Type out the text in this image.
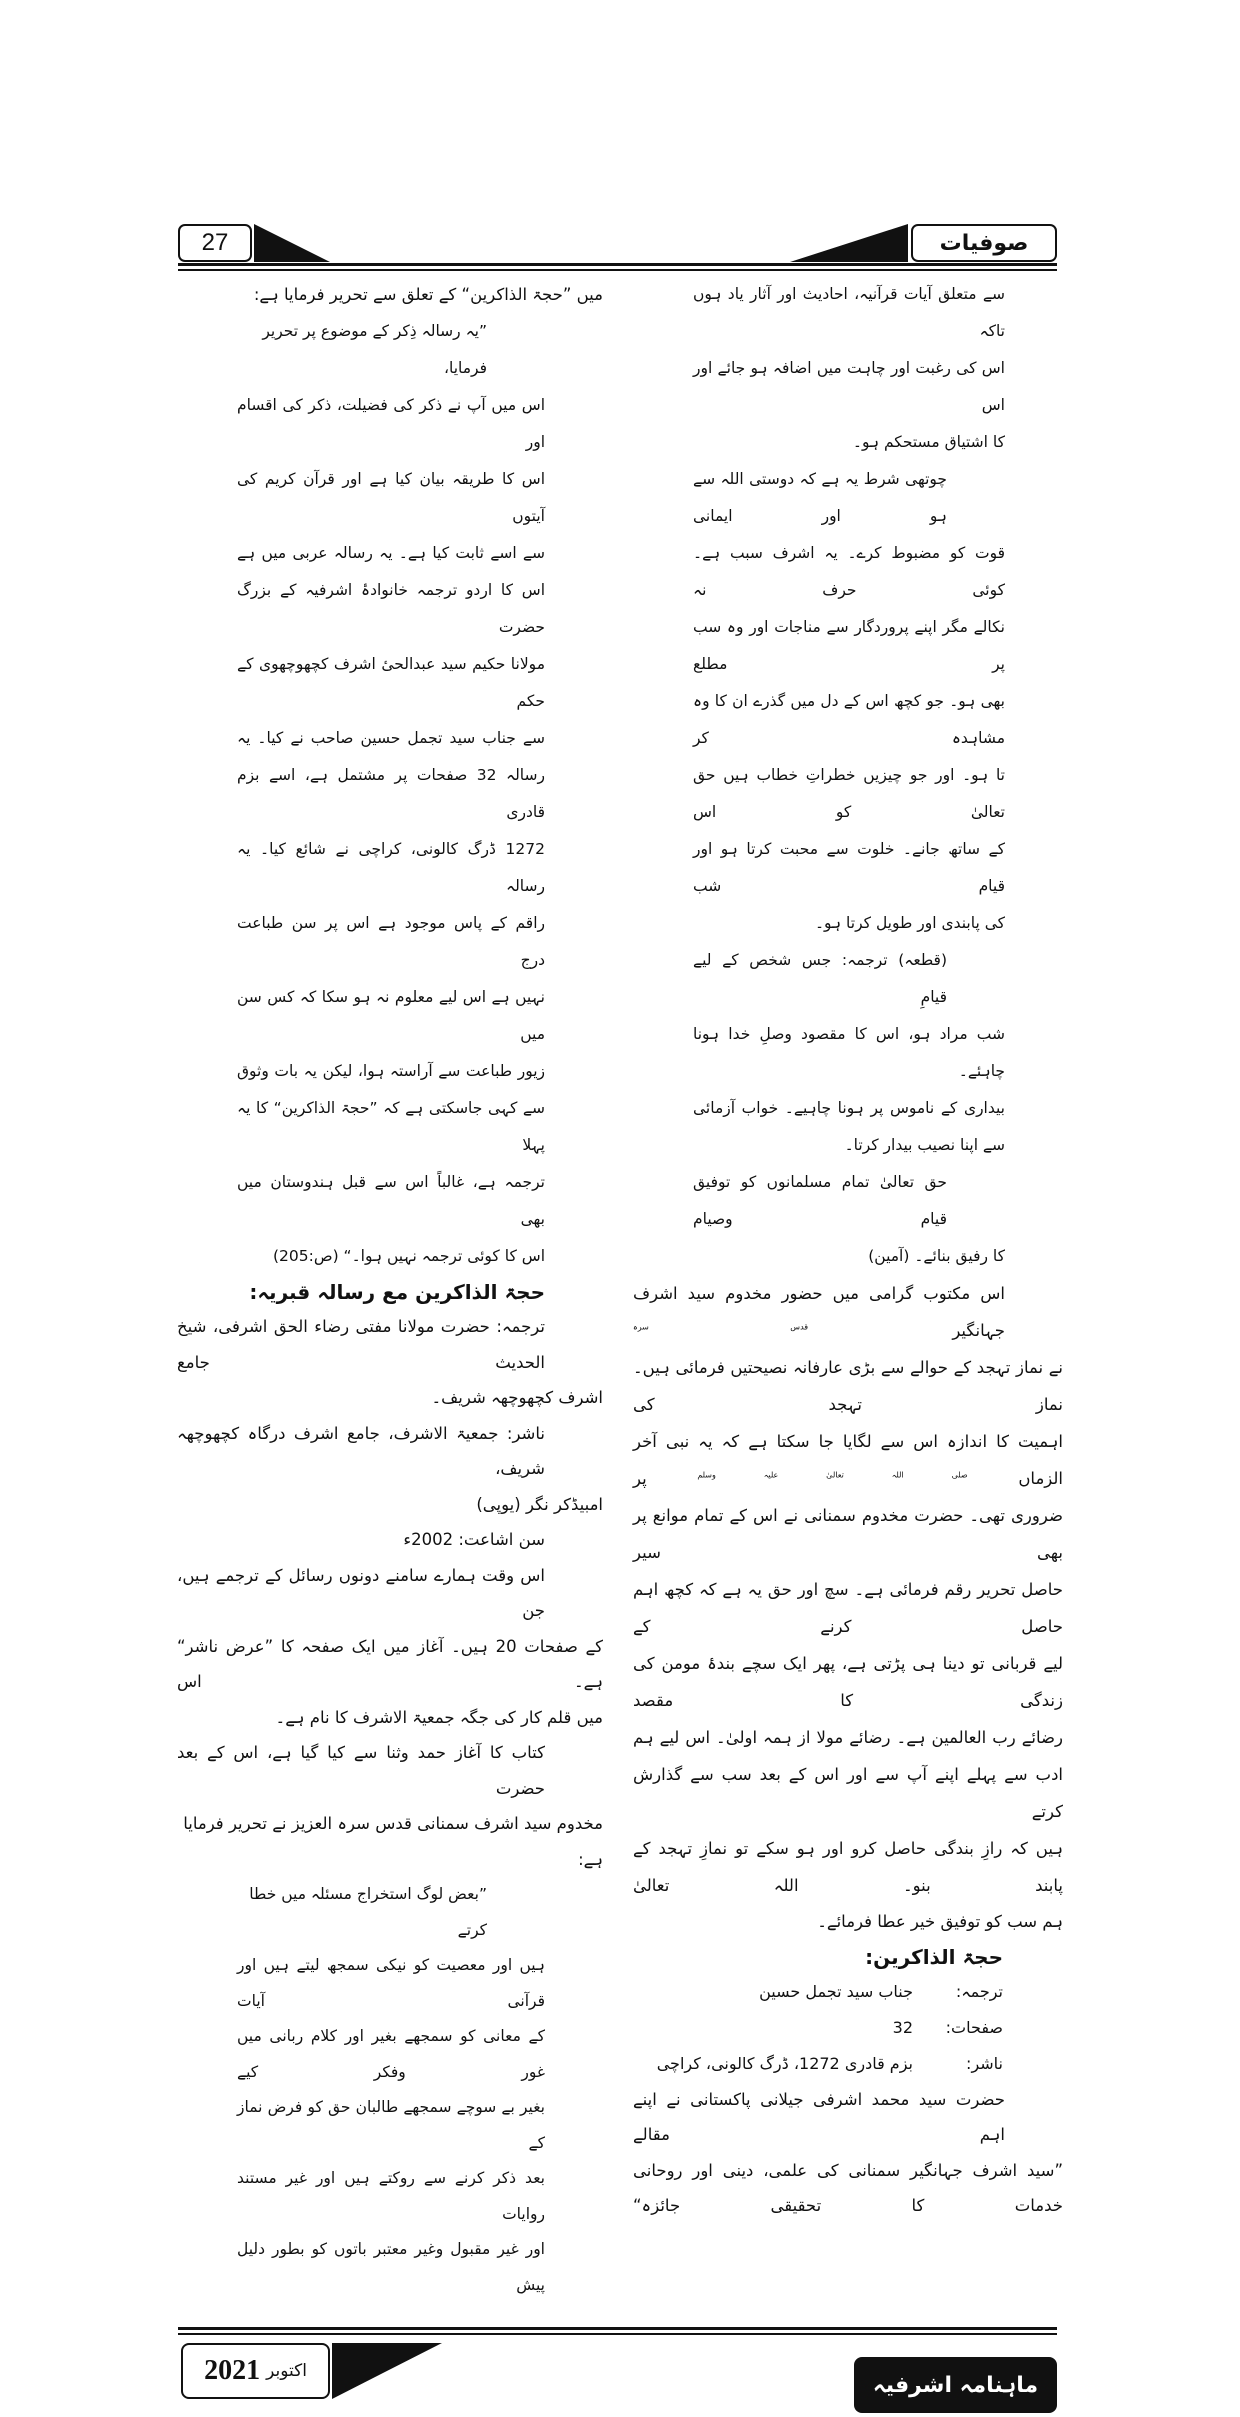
27	صوفیات
میں ”حجۃ الذاکرین“ کے تعلق سے تحریر فرمایا ہے:
”یہ رسالہ ذِکر کے موضوع پر تحریر فرمایا،
اس میں آپ نے ذکر کی فضیلت، ذکر کی اقسام اور
اس کا طریقہ بیان کیا ہے اور قرآن کریم کی آیتوں
سے اسے ثابت کیا ہے۔ یہ رسالہ عربی میں ہے
اس کا اردو ترجمہ خانوادۂ اشرفیہ کے بزرگ حضرت
مولانا حکیم سید عبدالحیٔ اشرف کچھوچھوی کے حکم
سے جناب سید تجمل حسین صاحب نے کیا۔ یہ
رسالہ 32 صفحات پر مشتمل ہے، اسے بزم قادری
1272 ڈرگ کالونی، کراچی نے شائع کیا۔ یہ رسالہ
راقم کے پاس موجود ہے اس پر سن طباعت درج
نہیں ہے اس لیے معلوم نہ ہو سکا کہ کس سن میں
زیور طباعت سے آراستہ ہوا، لیکن یہ بات وثوق
سے کہی جاسکتی ہے کہ ”حجۃ الذاکرین“ کا یہ پہلا
ترجمہ ہے، غالباً اس سے قبل ہندوستان میں بھی
اس کا کوئی ترجمہ نہیں ہوا۔“ (ص:205)
حجۃ الذاکرین مع رسالہ قبریہ:
ترجمہ: حضرت مولانا مفتی رضاء الحق اشرفی، شیخ الحدیث جامع
اشرف کچھوچھہ شریف۔
ناشر: جمعیۃ الاشرف، جامع اشرف درگاہ کچھوچھہ شریف،
امبیڈکر نگر (یوپی)
سن اشاعت: 2002ء
اس وقت ہمارے سامنے دونوں رسائل کے ترجمے ہیں، جن
کے صفحات 20 ہیں۔ آغاز میں ایک صفحہ کا ”عرض ناشر“ ہے۔ اس
میں قلم کار کی جگہ جمعیۃ الاشرف کا نام ہے۔
کتاب کا آغاز حمد وثنا سے کیا گیا ہے، اس کے بعد حضرت
مخدوم سید اشرف سمنانی قدس سرہ العزیز نے تحریر فرمایا ہے:
”بعض لوگ استخراج مسئلہ میں خطا کرتے
ہیں اور معصیت کو نیکی سمجھ لیتے ہیں اور قرآنی آیات
کے معانی کو سمجھے بغیر اور کلام ربانی میں غور وفکر کیے
بغیر بے سوچے سمجھے طالبان حق کو فرض نماز کے
بعد ذکر کرنے سے روکتے ہیں اور غیر مستند روایات
اور غیر مقبول وغیر معتبر باتوں کو بطور دلیل پیش
سے متعلق آیات قرآنیہ، احادیث اور آثار یاد ہوں تاکہ
اس کی رغبت اور چاہت میں اضافہ ہو جائے اور اس
کا اشتیاق مستحکم ہو۔
چوتھی شرط یہ ہے کہ دوستی اللہ سے ہو اور ایمانی
قوت کو مضبوط کرے۔ یہ اشرف سبب ہے۔ کوئی حرف نہ
نکالے مگر اپنے پروردگار سے مناجات اور وہ سب پر مطلع
بھی ہو۔ جو کچھ اس کے دل میں گذرے ان کا وہ مشاہدہ کر
تا ہو۔ اور جو چیزیں خطراتِ خطاب ہیں حق تعالیٰ کو اس
کے ساتھ جانے۔ خلوت سے محبت کرتا ہو اور قیام شب
کی پابندی اور طویل کرتا ہو۔
(قطعہ) ترجمہ: جس شخص کے لیے قیامِ
شب مراد ہو، اس کا مقصود وصلِ خدا ہونا چاہئے۔
بیداری کے ناموس پر ہونا چاہیے۔ خواب آزمائی
سے اپنا نصیب بیدار کرتا۔
حق تعالیٰ تمام مسلمانوں کو توفیق قیام وصیام
کا رفیق بنائے۔ (آمین)
اس مکتوب گرامی میں حضور مخدوم سید اشرف جہانگیر $^{قدس سرہ}$
نے نماز تہجد کے حوالے سے بڑی عارفانہ نصیحتیں فرمائی ہیں۔ نماز تہجد کی
اہمیت کا اندازہ اس سے لگایا جا سکتا ہے کہ یہ نبی آخر الزماں $^{صلی اللہ تعالیٰ علیہ وسلم}$ پر
ضروری تھی۔ حضرت مخدوم سمنانی نے اس کے تمام موانع پر بھی سیر
حاصل تحریر رقم فرمائی ہے۔ سچ اور حق یہ ہے کہ کچھ اہم حاصل کرنے کے
لیے قربانی تو دینا ہی پڑتی ہے، پھر ایک سچے بندۂ مومن کی زندگی کا مقصد
رضائے رب العالمین ہے۔ رضائے مولا از ہمہ اولیٰ۔ اس لیے ہم
ادب سے پہلے اپنے آپ سے اور اس کے بعد سب سے گذارش کرتے
ہیں کہ رازِ بندگی حاصل کرو اور ہو سکے تو نمازِ تہجد کے پابند بنو۔ اللہ تعالیٰ
ہم سب کو توفیق خیر عطا فرمائے۔
حجۃ الذاکرین:
ترجمہ:
جناب سید تجمل حسین
صفحات:
32
ناشر:
بزم قادری 1272، ڈرگ کالونی، کراچی
حضرت سید محمد اشرفی جیلانی پاکستانی نے اپنے اہم مقالے
”سید اشرف جہانگیر سمنانی کی علمی، دینی اور روحانی خدمات کا تحقیقی جائزہ“
اکتوبر
2021	ماہنامہ اشرفیہ
